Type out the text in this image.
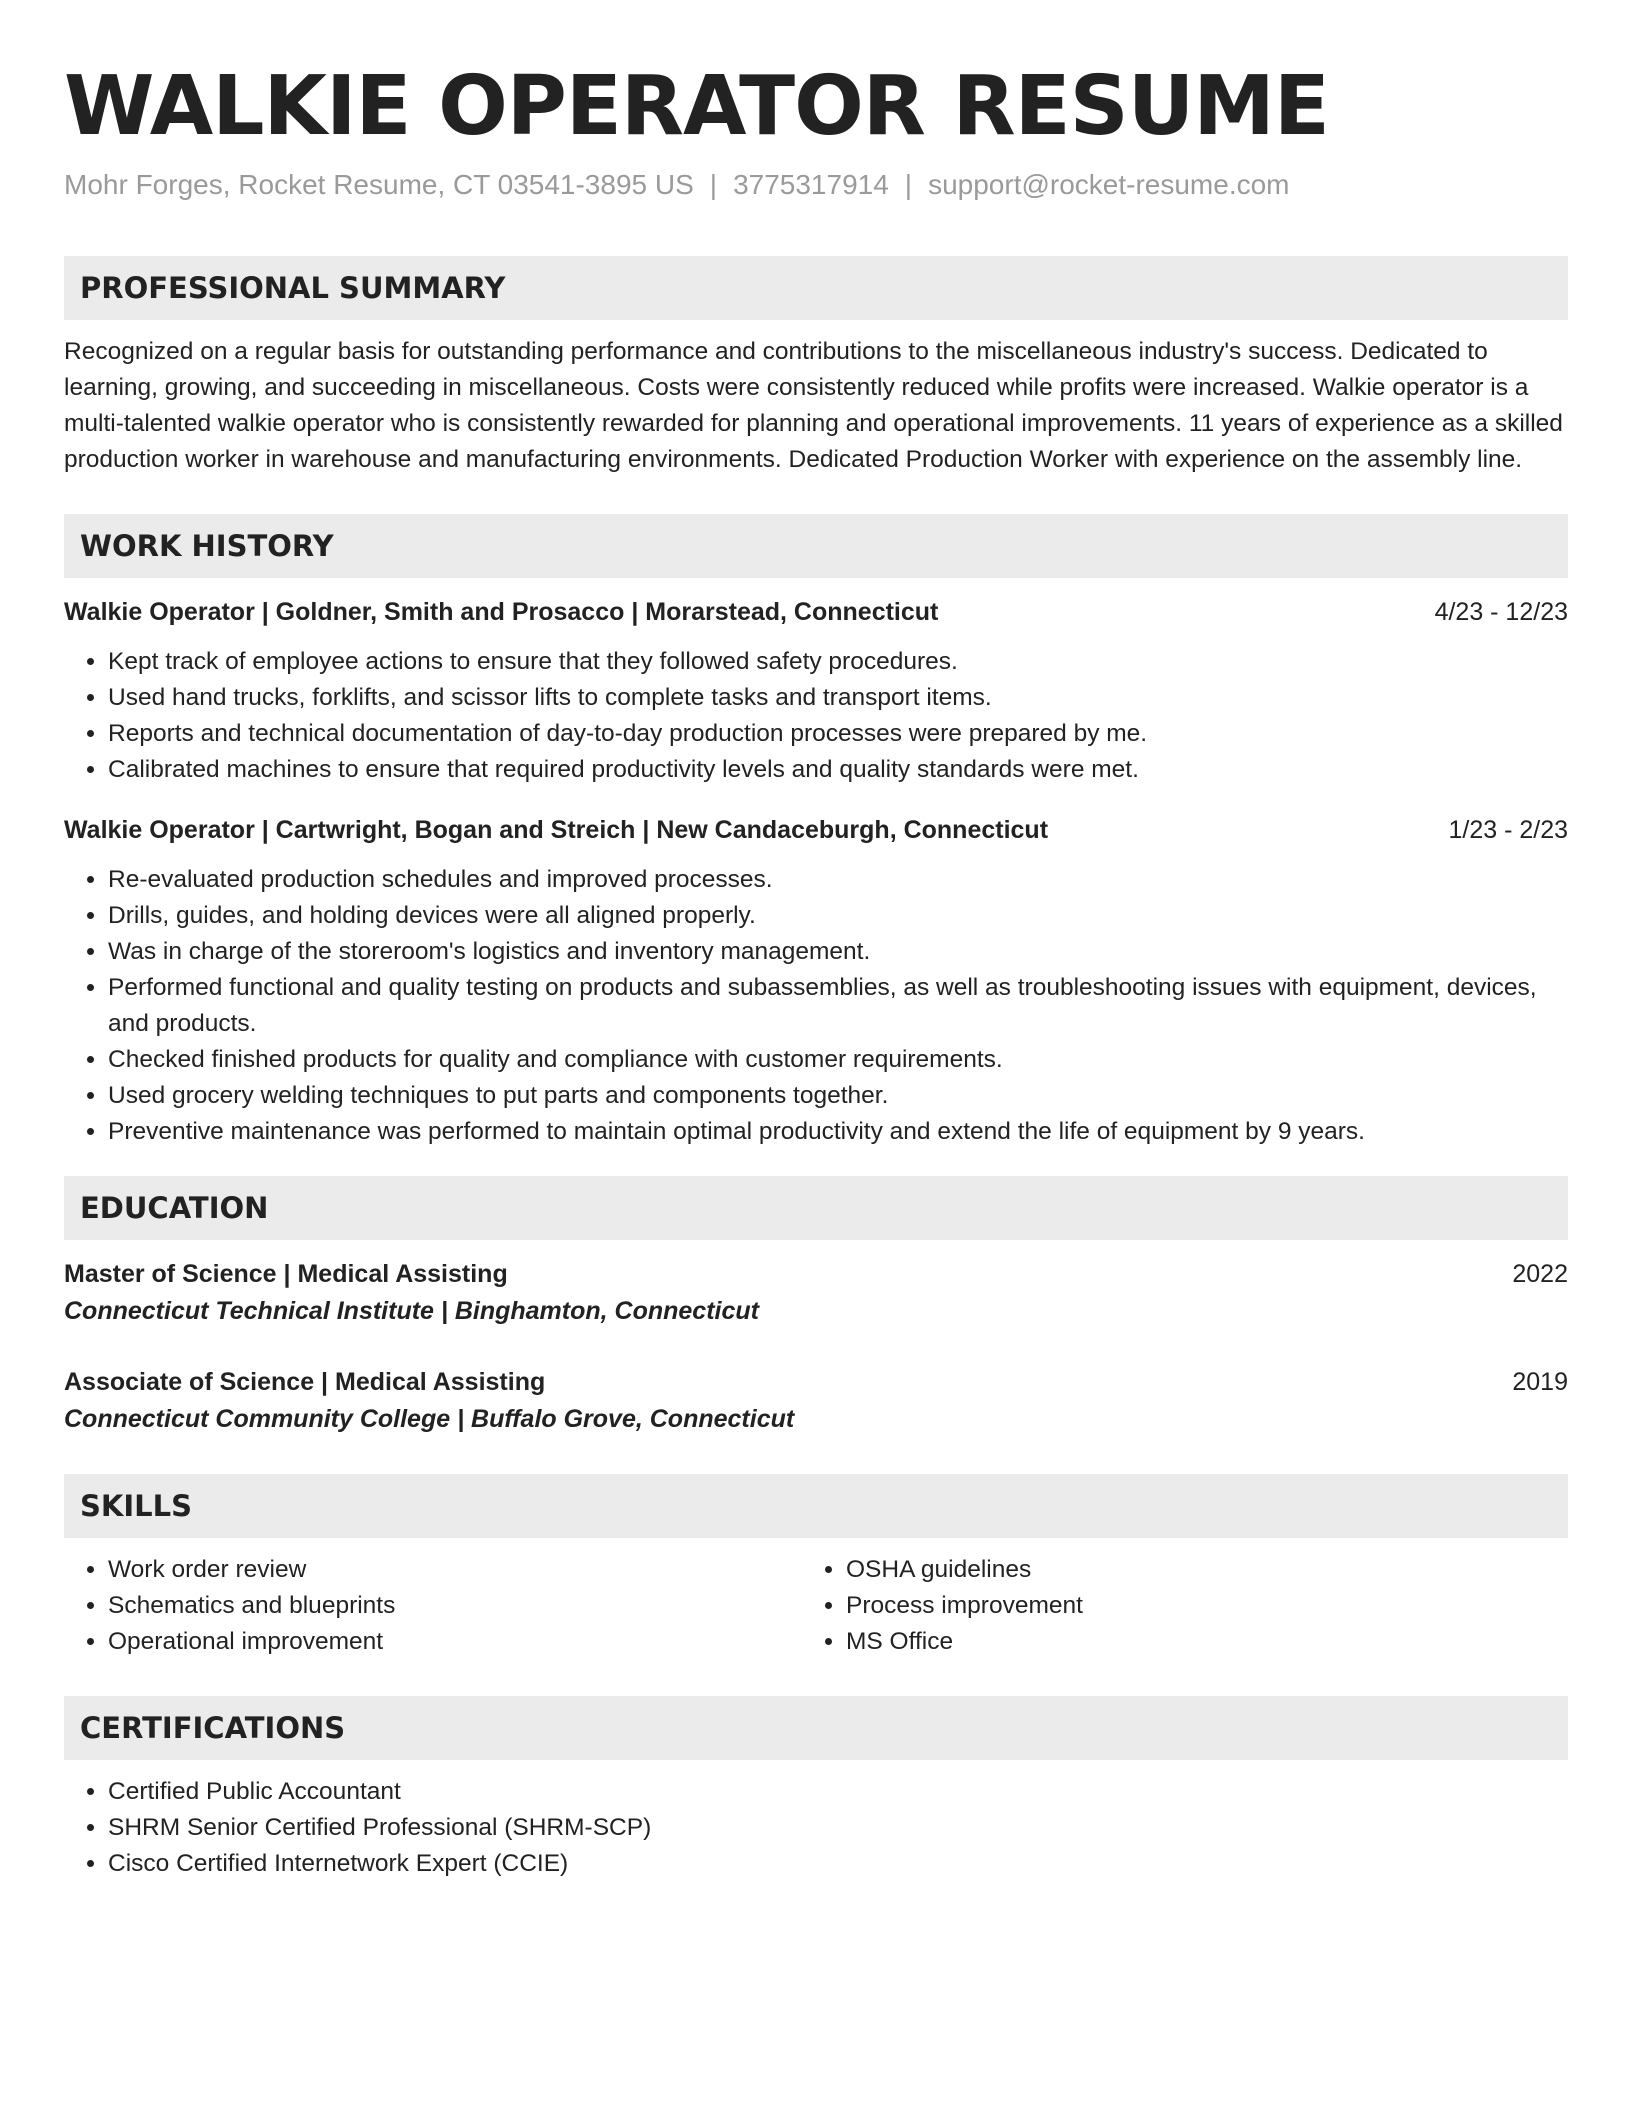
WALKIE OPERATOR RESUME
Mohr Forges, Rocket Resume, CT 03541-3895 US | 3775317914 | support@rocket-resume.com
PROFESSIONAL SUMMARY
Recognized on a regular basis for outstanding performance and contributions to the miscellaneous industry's success. Dedicated to learning, growing, and succeeding in miscellaneous. Costs were consistently reduced while profits were increased. Walkie operator is a multi-talented walkie operator who is consistently rewarded for planning and operational improvements. 11 years of experience as a skilled production worker in warehouse and manufacturing environments. Dedicated Production Worker with experience on the assembly line.
WORK HISTORY
Walkie Operator | Goldner, Smith and Prosacco | Morarstead, Connecticut	4/23 - 12/23
• Kept track of employee actions to ensure that they followed safety procedures.
• Used hand trucks, forklifts, and scissor lifts to complete tasks and transport items.
• Reports and technical documentation of day-to-day production processes were prepared by me.
• Calibrated machines to ensure that required productivity levels and quality standards were met.
Walkie Operator | Cartwright, Bogan and Streich | New Candaceburgh, Connecticut	1/23 - 2/23
• Re-evaluated production schedules and improved processes.
• Drills, guides, and holding devices were all aligned properly.
• Was in charge of the storeroom's logistics and inventory management.
• Performed functional and quality testing on products and subassemblies, as well as troubleshooting issues with equipment, devices, and products.
• Checked finished products for quality and compliance with customer requirements.
• Used grocery welding techniques to put parts and components together.
• Preventive maintenance was performed to maintain optimal productivity and extend the life of equipment by 9 years.
EDUCATION
Master of Science | Medical Assisting	2022
Connecticut Technical Institute | Binghamton, Connecticut
Associate of Science | Medical Assisting	2019
Connecticut Community College | Buffalo Grove, Connecticut
SKILLS
• Work order review
• Schematics and blueprints
• Operational improvement
• OSHA guidelines
• Process improvement
• MS Office
CERTIFICATIONS
• Certified Public Accountant
• SHRM Senior Certified Professional (SHRM-SCP)
• Cisco Certified Internetwork Expert (CCIE)
